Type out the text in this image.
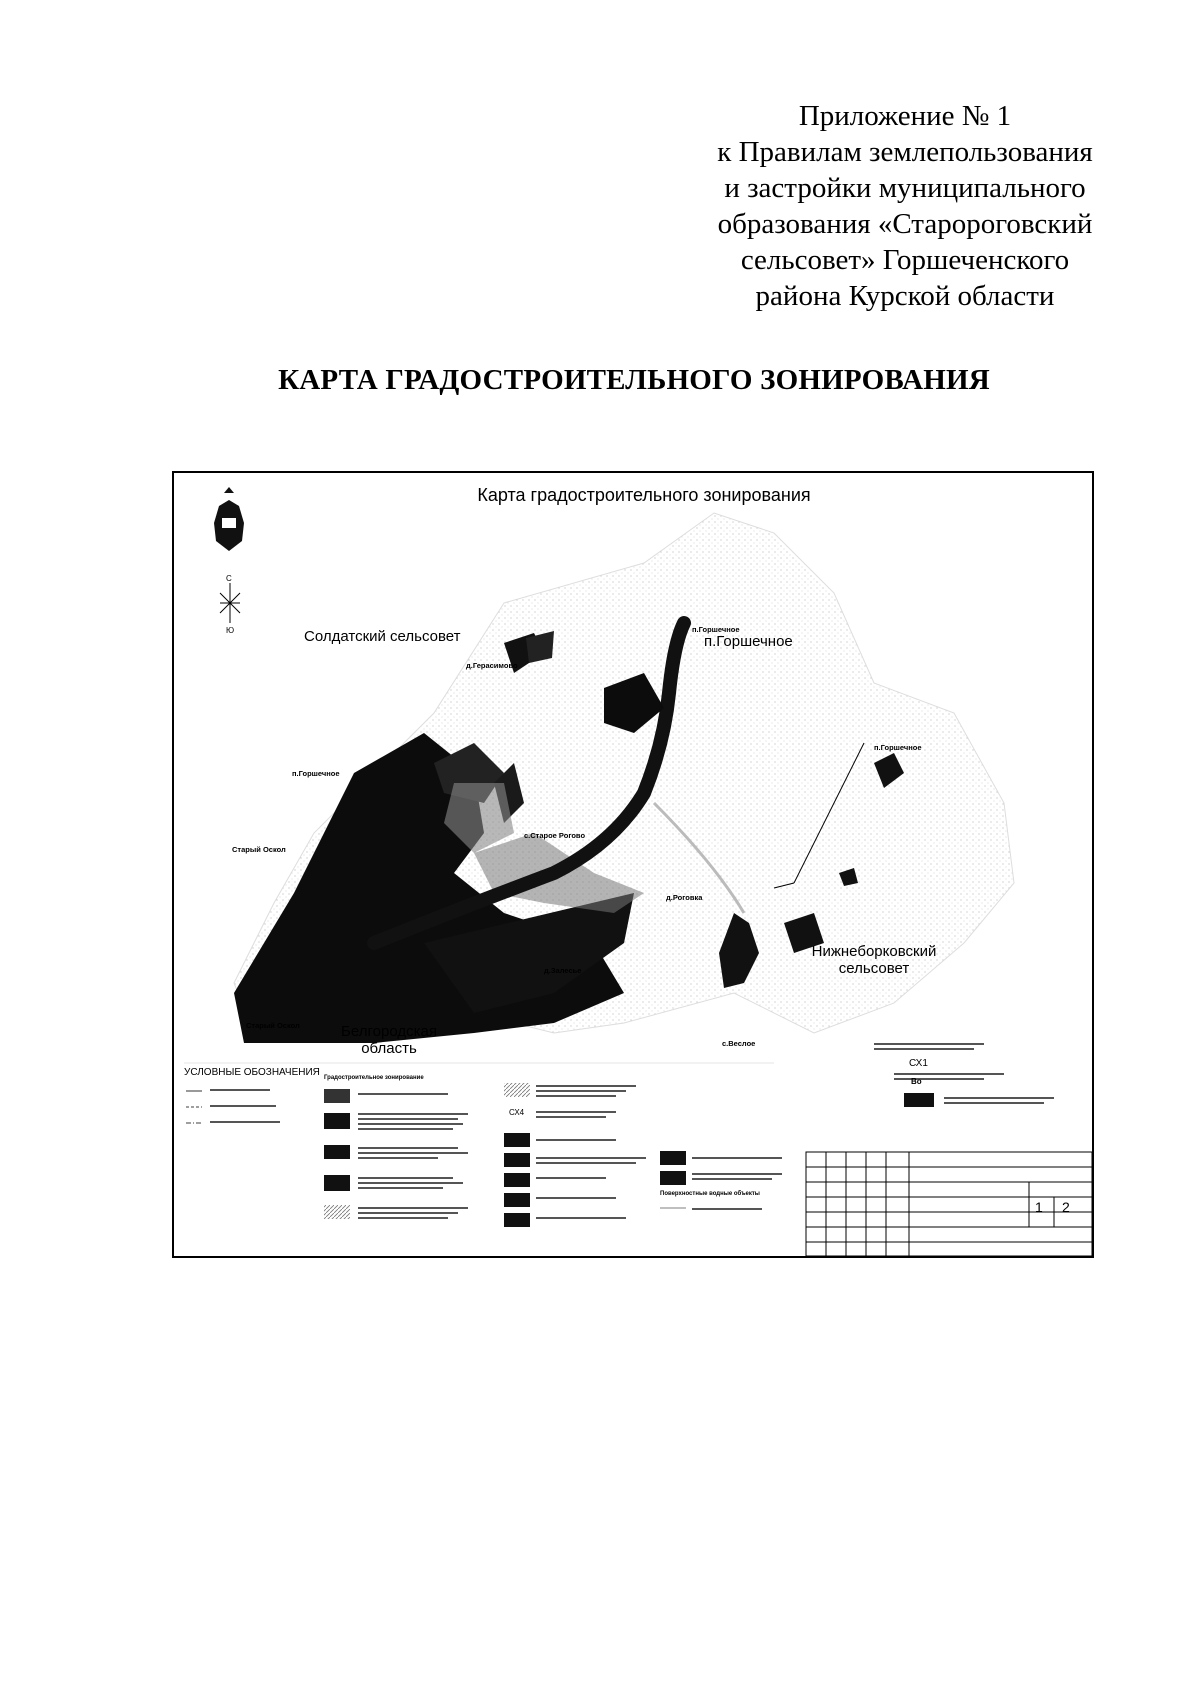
Приложение № 1
к Правилам землепользования
и застройки муниципального
образования «Старороговский
сельсовет» Горшеченского
района Курской области
КАРТА ГРАДОСТРОИТЕЛЬНОГО ЗОНИРОВАНИЯ
С
Ю
Карта градостроительного зонирования
Солдатский сельсовет	п.Горшечное
Нижнеборковский сельсовет
Белгородская область
п.Горшечное
д.Герасимово
п.Горшечное
Старый Оскол
с.Старое Рогово
д.Роговка
д.Залесье
Старый Оскол
с.Веслое
п.Горшечное
УСЛОВНЫЕ ОБОЗНАЧЕНИЯ Градостроительное зонирование
Поверхностные водные объекты
СХ4
СХ1
Во
1 2
